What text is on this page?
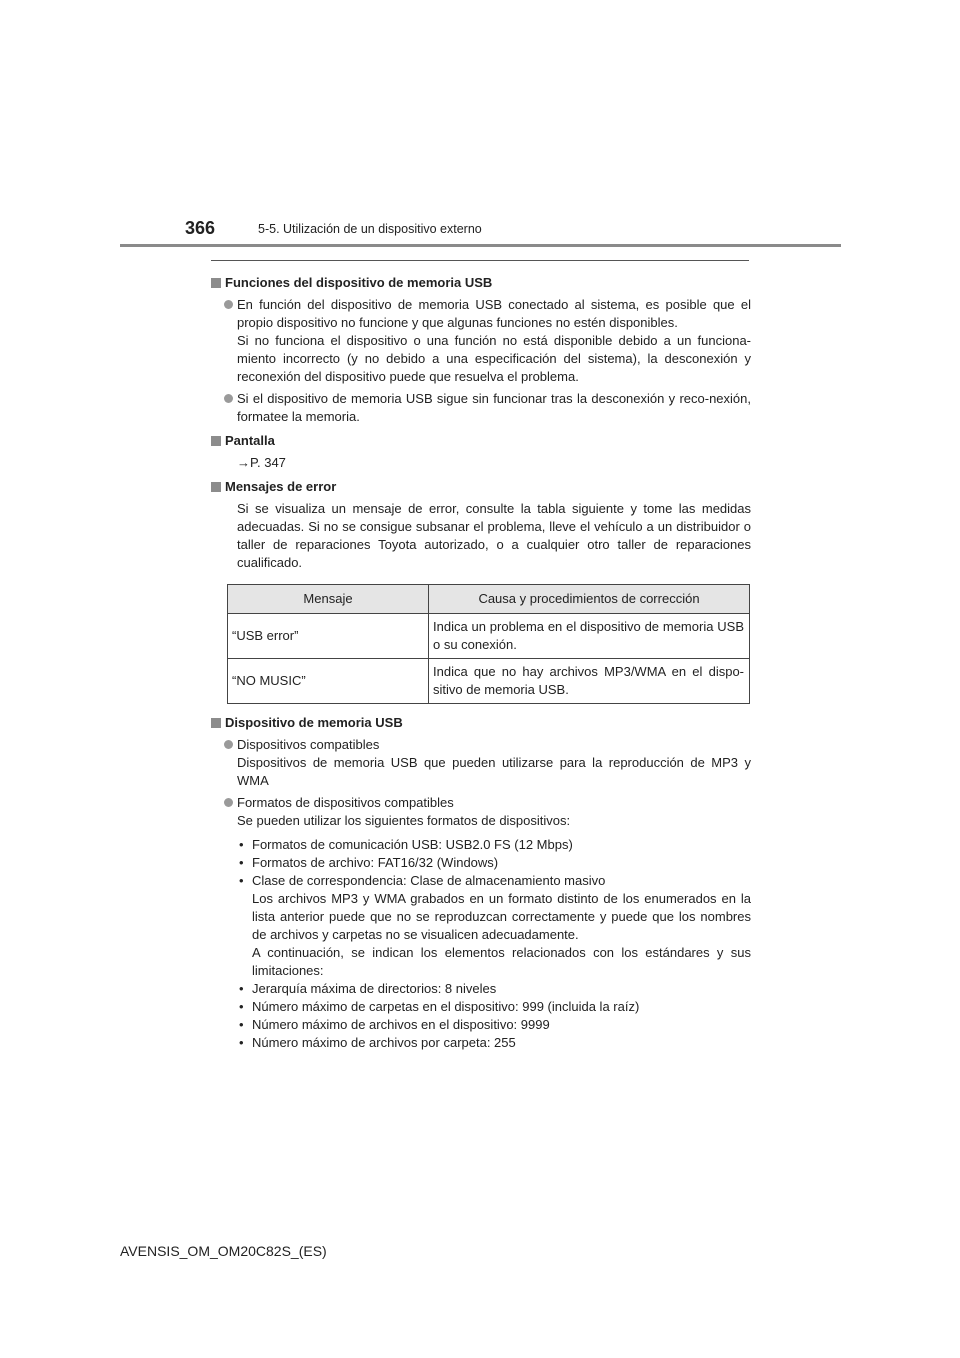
366	5-5. Utilización de un dispositivo externo
Funciones del dispositivo de memoria USB
En función del dispositivo de memoria USB conectado al sistema, es posible que el propio dispositivo no funcione y que algunas funciones no estén disponibles.
Si no funciona el dispositivo o una función no está disponible debido a un funciona-miento incorrecto (y no debido a una especificación del sistema), la desconexión y reconexión del dispositivo puede que resuelva el problema.
Si el dispositivo de memoria USB sigue sin funcionar tras la desconexión y reco-nexión, formatee la memoria.
Pantalla
→P. 347
Mensajes de error
Si se visualiza un mensaje de error, consulte la tabla siguiente y tome las medidas adecuadas. Si no se consigue subsanar el problema, lleve el vehículo a un distribuidor o taller de reparaciones Toyota autorizado, o a cualquier otro taller de reparaciones cualificado.
Mensaje	Causa y procedimientos de corrección
“USB error”	Indica un problema en el dispositivo de memoria USB o su conexión.
“NO MUSIC”	Indica que no hay archivos MP3/WMA en el dispo-sitivo de memoria USB.
Dispositivo de memoria USB
Dispositivos compatibles
Dispositivos de memoria USB que pueden utilizarse para la reproducción de MP3 y WMA
Formatos de dispositivos compatibles
Se pueden utilizar los siguientes formatos de dispositivos:
• Formatos de comunicación USB: USB2.0 FS (12 Mbps)
• Formatos de archivo: FAT16/32 (Windows)
• Clase de correspondencia: Clase de almacenamiento masivo
Los archivos MP3 y WMA grabados en un formato distinto de los enumerados en la lista anterior puede que no se reproduzcan correctamente y puede que los nombres de archivos y carpetas no se visualicen adecuadamente.
A continuación, se indican los elementos relacionados con los estándares y sus limitaciones:
• Jerarquía máxima de directorios: 8 niveles
• Número máximo de carpetas en el dispositivo: 999 (incluida la raíz)
• Número máximo de archivos en el dispositivo: 9999
• Número máximo de archivos por carpeta: 255
AVENSIS_OM_OM20C82S_(ES)
